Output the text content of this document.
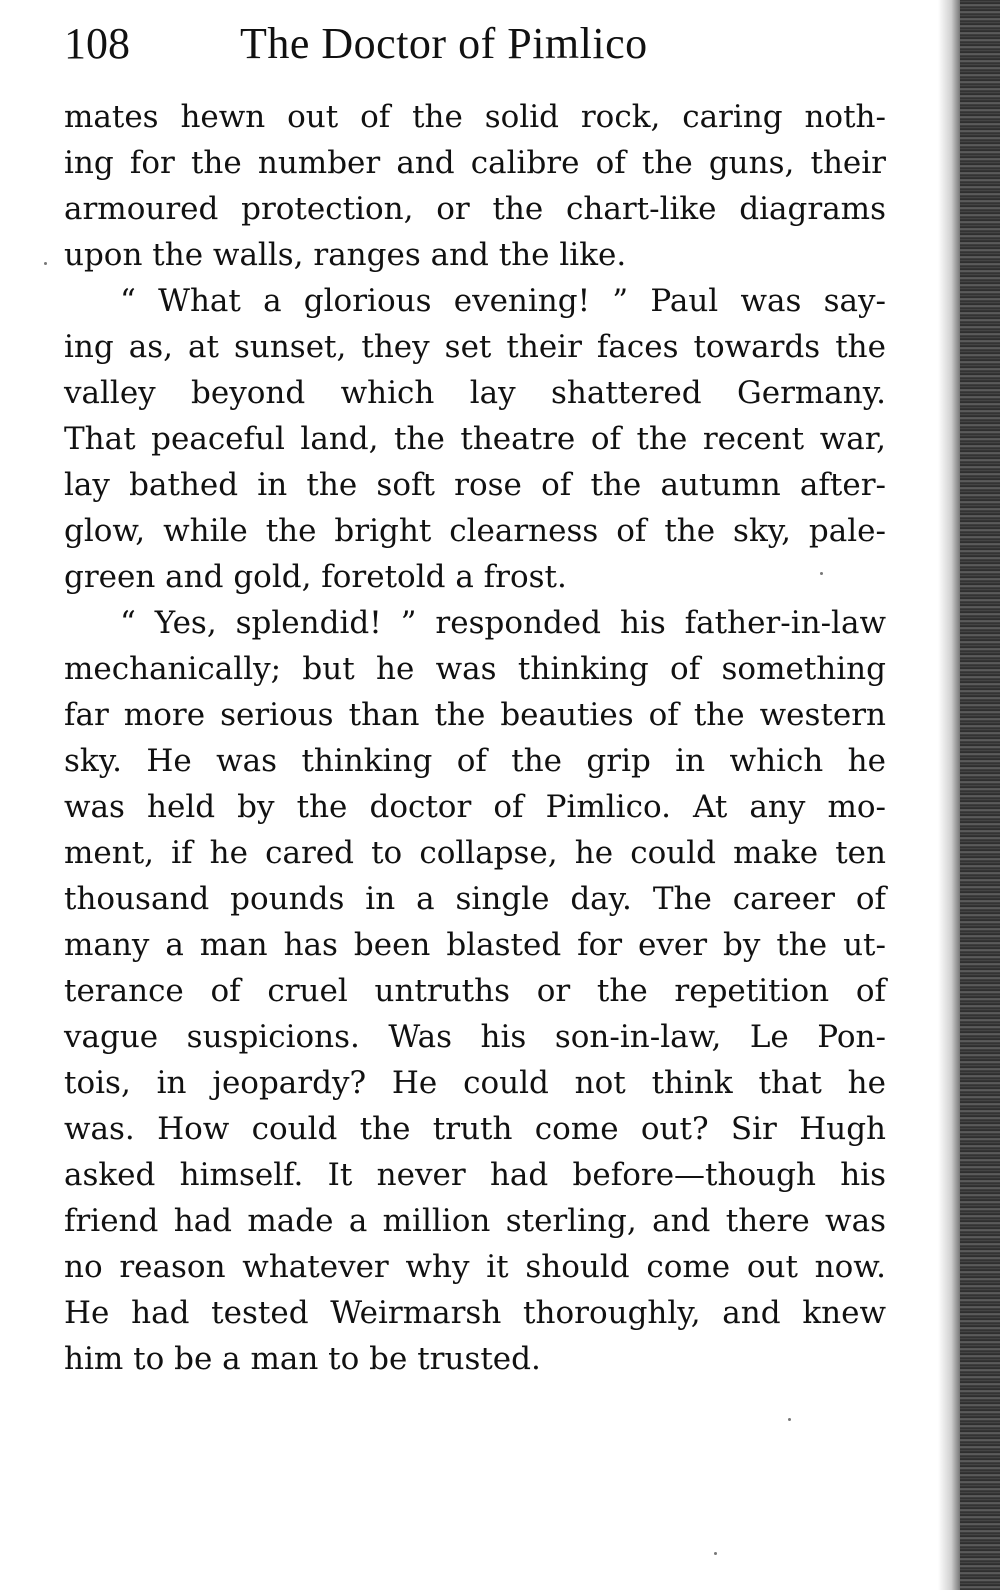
108	The Doctor of Pimlico
mates hewn out of the solid rock, caring noth-
ing for the number and calibre of the guns, their
armoured protection, or the chart-like diagrams
upon the walls, ranges and the like.
“ What a glorious evening! ” Paul was say-
ing as, at sunset, they set their faces towards the
valley beyond which lay shattered Germany.
That peaceful land, the theatre of the recent war,
lay bathed in the soft rose of the autumn after-
glow, while the bright clearness of the sky, pale-
green and gold, foretold a frost.
“ Yes, splendid! ” responded his father-in-law
mechanically; but he was thinking of something
far more serious than the beauties of the western
sky. He was thinking of the grip in which he
was held by the doctor of Pimlico. At any mo-
ment, if he cared to collapse, he could make ten
thousand pounds in a single day. The career of
many a man has been blasted for ever by the ut-
terance of cruel untruths or the repetition of
vague suspicions. Was his son-in-law, Le Pon-
tois, in jeopardy? He could not think that he
was. How could the truth come out? Sir Hugh
asked himself. It never had before—though his
friend had made a million sterling, and there was
no reason whatever why it should come out now.
He had tested Weirmarsh thoroughly, and knew
him to be a man to be trusted.
